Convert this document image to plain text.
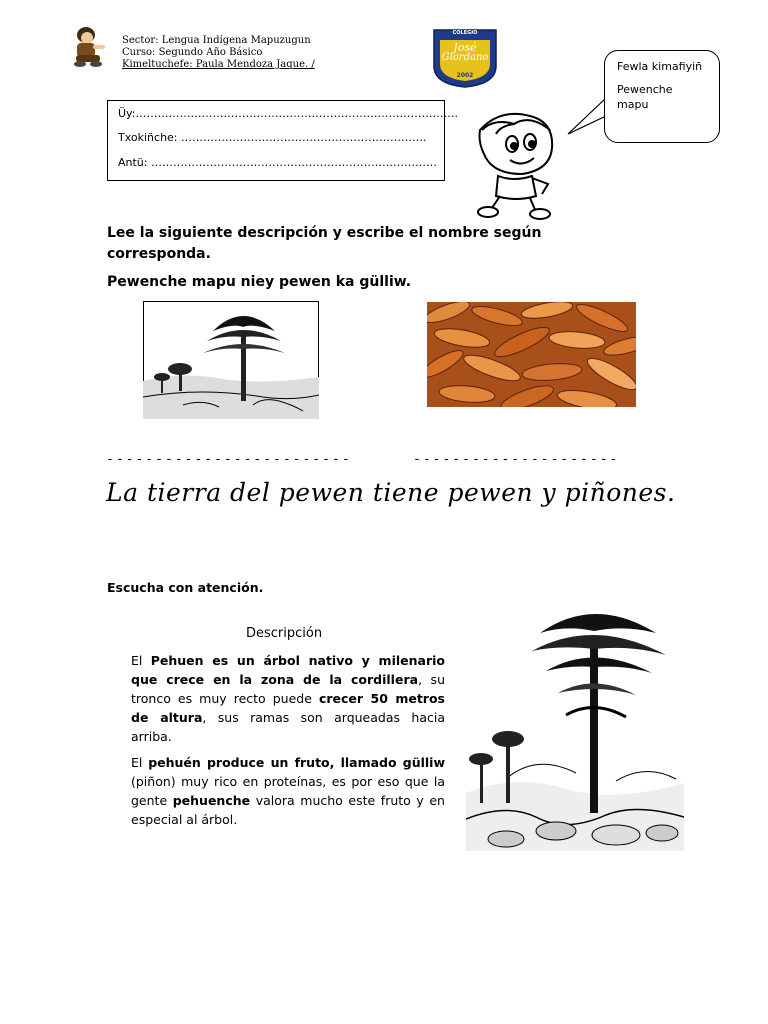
Sector: Lengua Indígena Mapuzugun
Curso: Segundo Año Básico
Kimeltuchefe: Paula Mendoza Jaque. /
COLEGIO
José
Giordano
2002
Üy:…………………………………………………………………………….
Txokiñche: ………………………………………………………….
Antü: ……………………………………………………………………

Fewla kimafiyiñ

Pewenche mapu

Lee la siguiente descripción y escribe el nombre según corresponda.
Pewenche mapu niey pewen ka gülliw.
-------------------------	---------------------
La tierra del pewen tiene pewen y piñones.
Escucha con atención.
Descripción

El Pehuen es un árbol nativo y milenario que crece en la zona de la cordillera, su tronco es muy recto puede crecer 50 metros de altura, sus ramas son arqueadas hacia arriba.

El pehuén produce un fruto, llamado gülliw (piñon) muy rico en proteínas, es por eso que la gente pehuenche valora mucho este fruto y en especial al árbol.
